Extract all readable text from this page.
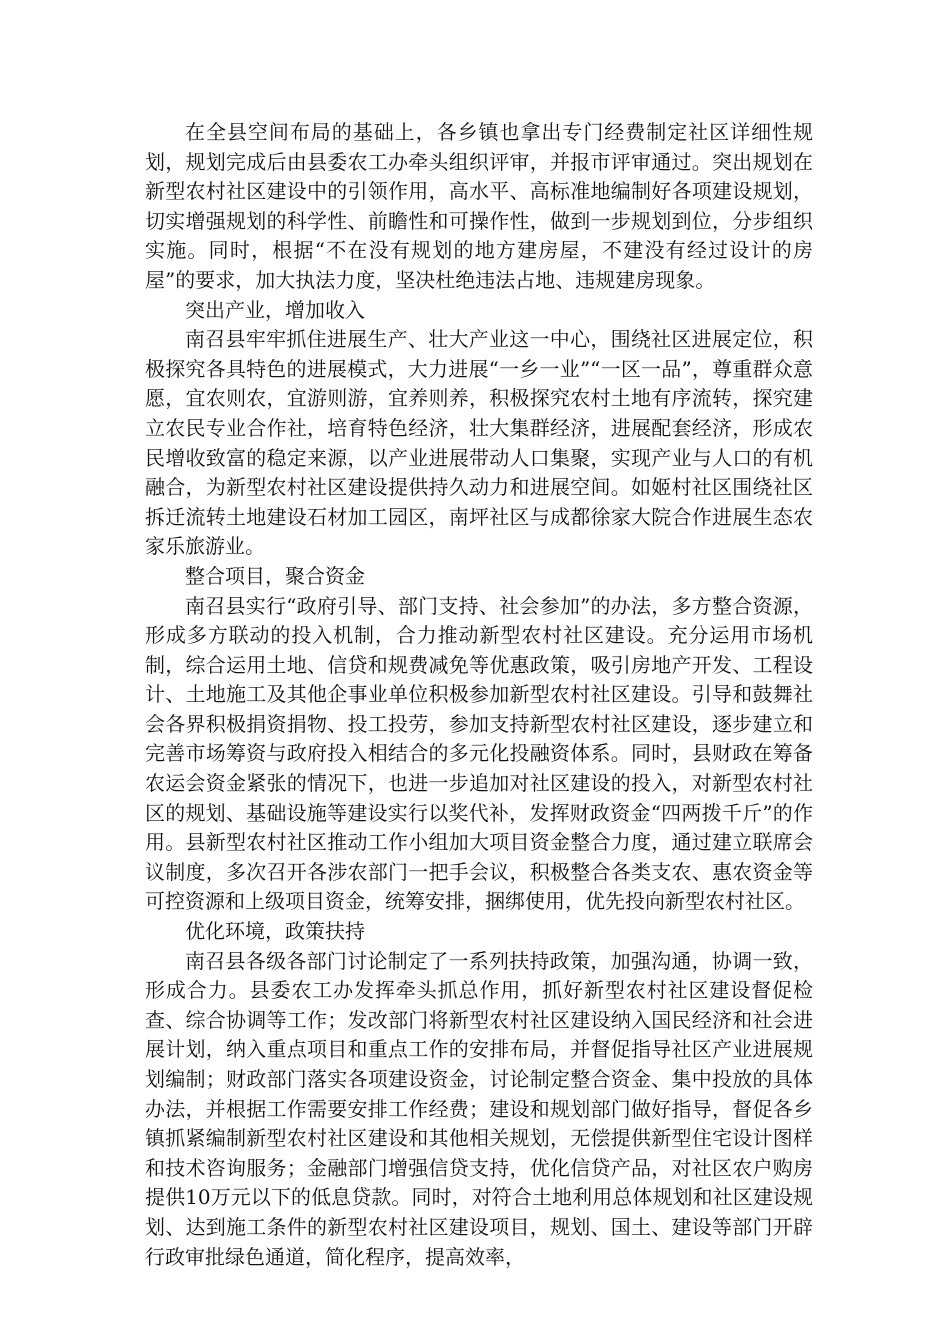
在全县空间布局的基础上，各乡镇也拿出专门经费制定社区详细性规划，规划完成后由县委农工办牵头组织评审，并报市评审通过。突出规划在新型农村社区建设中的引领作用，高水平、高标准地编制好各项建设规划，切实增强规划的科学性、前瞻性和可操作性，做到一步规划到位，分步组织实施。同时，根据“不在没有规划的地方建房屋，不建没有经过设计的房屋”的要求，加大执法力度，坚决杜绝违法占地、违规建房现象。

突出产业，增加收入

南召县牢牢抓住进展生产、壮大产业这一中心，围绕社区进展定位，积极探究各具特色的进展模式，大力进展“一乡一业”“一区一品”，尊重群众意愿，宜农则农，宜游则游，宜养则养，积极探究农村土地有序流转，探究建立农民专业合作社，培育特色经济，壮大集群经济，进展配套经济，形成农民增收致富的稳定来源，以产业进展带动人口集聚，实现产业与人口的有机融合，为新型农村社区建设提供持久动力和进展空间。如姬村社区围绕社区拆迁流转土地建设石材加工园区，南坪社区与成都徐家大院合作进展生态农家乐旅游业。

整合项目，聚合资金

南召县实行“政府引导、部门支持、社会参加”的办法，多方整合资源，形成多方联动的投入机制，合力推动新型农村社区建设。充分运用市场机制，综合运用土地、信贷和规费减免等优惠政策，吸引房地产开发、工程设计、土地施工及其他企事业单位积极参加新型农村社区建设。引导和鼓舞社会各界积极捐资捐物、投工投劳，参加支持新型农村社区建设，逐步建立和完善市场筹资与政府投入相结合的多元化投融资体系。同时，县财政在筹备农运会资金紧张的情况下，也进一步追加对社区建设的投入，对新型农村社区的规划、基础设施等建设实行以奖代补，发挥财政资金“四两拨千斤”的作用。县新型农村社区推动工作小组加大项目资金整合力度，通过建立联席会议制度，多次召开各涉农部门一把手会议，积极整合各类支农、惠农资金等可控资源和上级项目资金，统筹安排，捆绑使用，优先投向新型农村社区。

优化环境，政策扶持

南召县各级各部门讨论制定了一系列扶持政策，加强沟通，协调一致，形成合力。县委农工办发挥牵头抓总作用，抓好新型农村社区建设督促检查、综合协调等工作；发改部门将新型农村社区建设纳入国民经济和社会进展计划，纳入重点项目和重点工作的安排布局，并督促指导社区产业进展规划编制；财政部门落实各项建设资金，讨论制定整合资金、集中投放的具体办法，并根据工作需要安排工作经费；建设和规划部门做好指导，督促各乡镇抓紧编制新型农村社区建设和其他相关规划，无偿提供新型住宅设计图样和技术咨询服务；金融部门增强信贷支持，优化信贷产品，对社区农户购房提供10万元以下的低息贷款。同时，对符合土地利用总体规划和社区建设规划、达到施工条件的新型农村社区建设项目，规划、国土、建设等部门开辟行政审批绿色通道，简化程序，提高效率，
